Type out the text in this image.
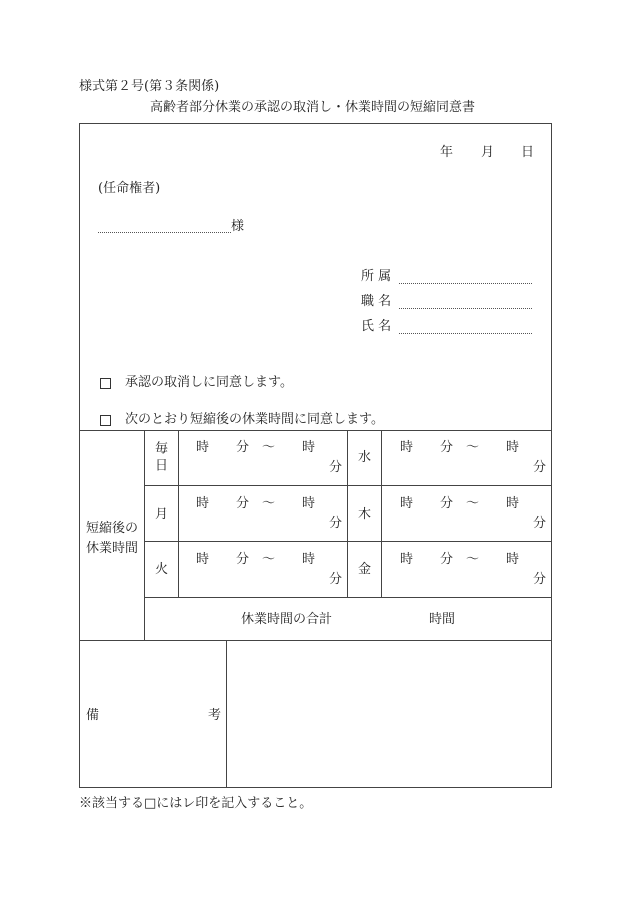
様式第２号(第３条関係)
高齢者部分休業の承認の取消し・休業時間の短縮同意書
年 月 日
(任命権者)
様
所 属
職 名
氏 名
承認の取消しに同意します。
次のとおり短縮後の休業時間に同意します。
短縮後の休業時間
毎日
月
火
水
木
金
時 分 ～ 時
分
時 分 ～ 時
分
時 分 ～ 時
分
時 分 ～ 時
分
時 分 ～ 時
分
時 分 ～ 時
分
休業時間の合計	時間
備	考
※該当する□にはレ印を記入すること。
